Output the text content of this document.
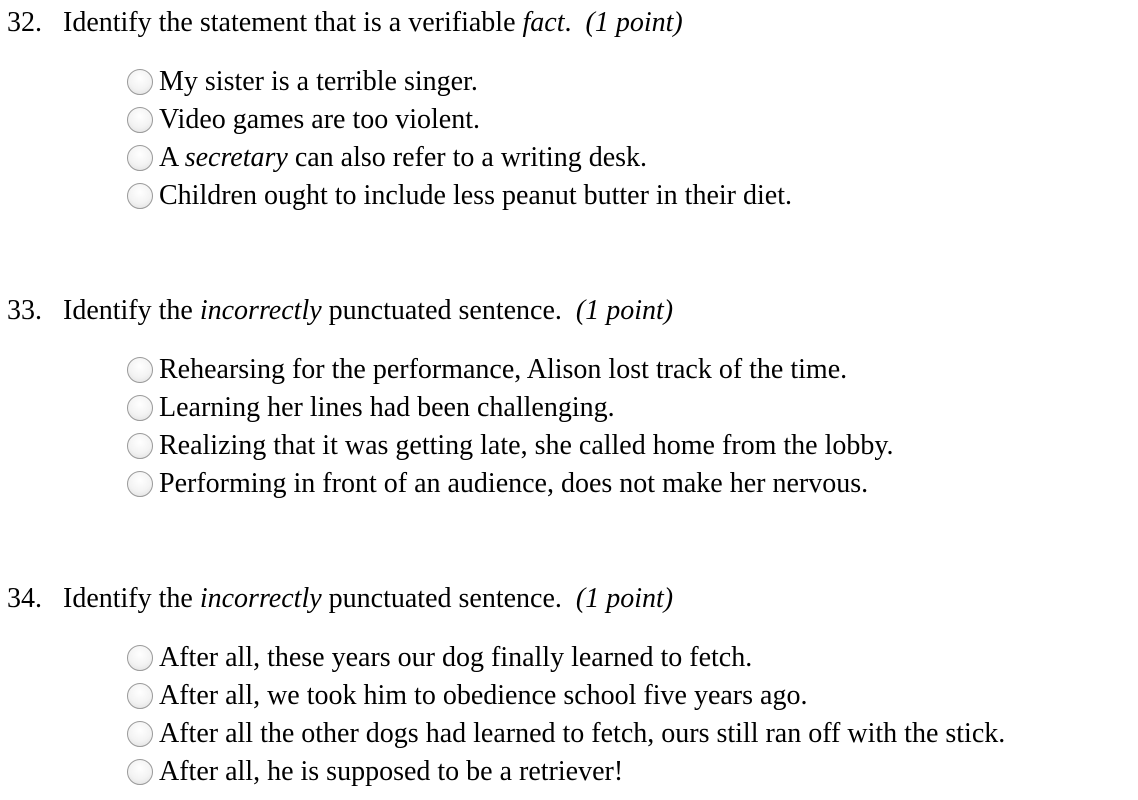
32. Identify the statement that is a verifiable fact. (1 point)
My sister is a terrible singer.
Video games are too violent.
A secretary can also refer to a writing desk.
Children ought to include less peanut butter in their diet.
33. Identify the incorrectly punctuated sentence. (1 point)
Rehearsing for the performance, Alison lost track of the time.
Learning her lines had been challenging.
Realizing that it was getting late, she called home from the lobby.
Performing in front of an audience, does not make her nervous.
34. Identify the incorrectly punctuated sentence. (1 point)
After all, these years our dog finally learned to fetch.
After all, we took him to obedience school five years ago.
After all the other dogs had learned to fetch, ours still ran off with the stick.
After all, he is supposed to be a retriever!
